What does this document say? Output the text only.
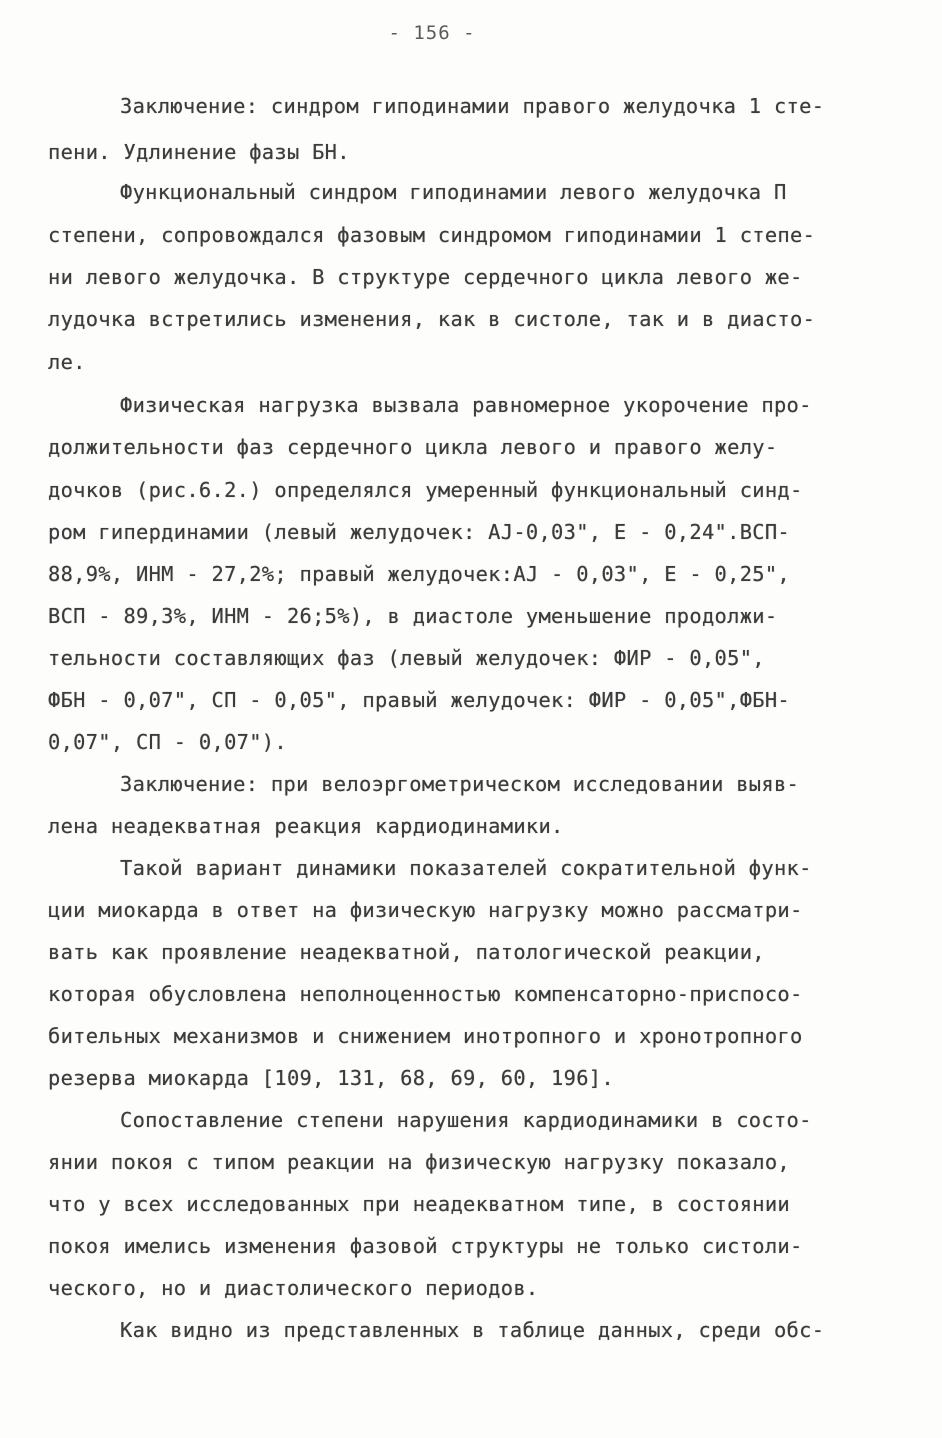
- 156 -
Заключение: синдром гиподинамии правого желудочка 1 сте-
пени. Удлинение фазы БН.
Функциональный синдром гиподинамии левого желудочка П
степени, сопровождался фазовым синдромом гиподинамии 1 степе-
ни левого желудочка. В структуре сердечного цикла левого же-
лудочка встретились изменения, как в систоле, так и в диасто-
ле.
Физическая нагрузка вызвала равномерное укорочение про-
должительности фаз сердечного цикла левого и правого желу-
дочков (рис.6.2.) определялся умеренный функциональный синд-
ром гипердинамии (левый желудочек: АЈ-0,03", Е - 0,24".ВСП-
88,9%, ИНМ - 27,2%; правый желудочек:АЈ - 0,03", Е - 0,25",
ВСП - 89,3%, ИНМ - 26;5%), в диастоле уменьшение продолжи-
тельности составляющих фаз (левый желудочек: ФИР - 0,05",
ФБН - 0,07", СП - 0,05", правый желудочек: ФИР - 0,05",ФБН-
0,07", СП - 0,07").
Заключение: при велоэргометрическом исследовании выяв-
лена неадекватная реакция кардиодинамики.
Такой вариант динамики показателей сократительной функ-
ции миокарда в ответ на физическую нагрузку можно рассматри-
вать как проявление неадекватной, патологической реакции,
которая обусловлена неполноценностью компенсаторно-приспосо-
бительных механизмов и снижением инотропного и хронотропного
резерва миокарда [109, 131, 68, 69, 60, 196].
Сопоставление степени нарушения кардиодинамики в состо-
янии покоя с типом реакции на физическую нагрузку показало,
что у всех исследованных при неадекватном типе, в состоянии
покоя имелись изменения фазовой структуры не только систоли-
ческого, но и диастолического периодов.
Как видно из представленных в таблице данных, среди обс-
